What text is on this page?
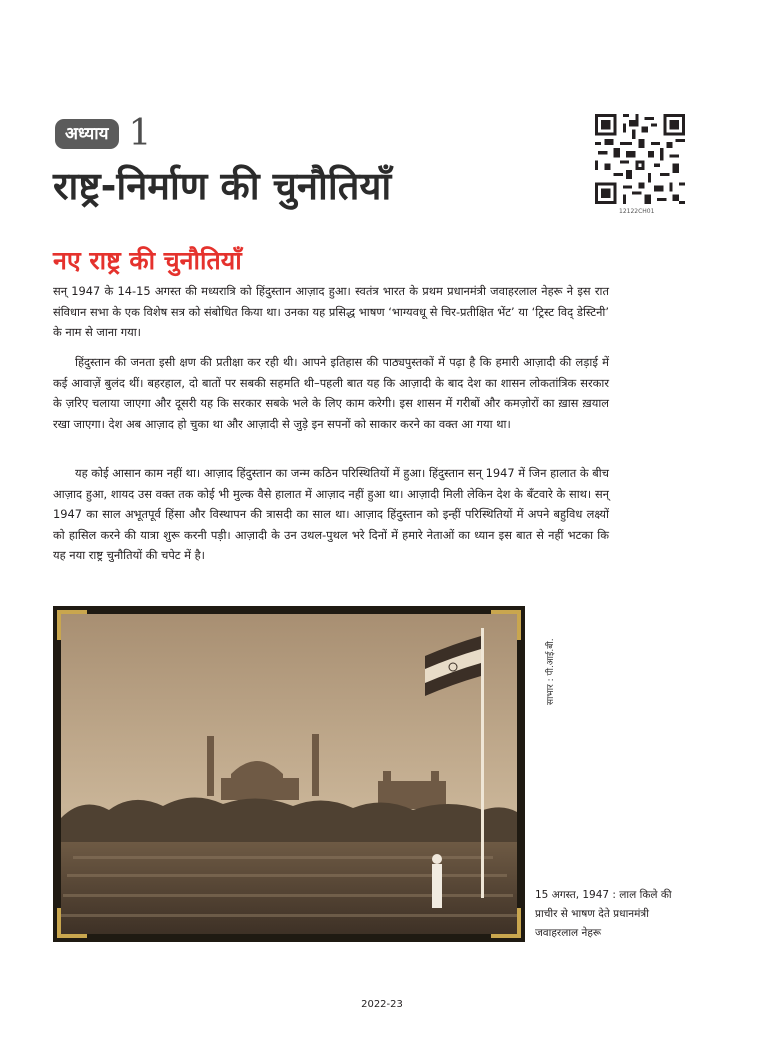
अध्याय 1
राष्ट्र-निर्माण की चुनौतियाँ
12122CH01
नए राष्ट्र की चुनौतियाँ

सन् 1947 के 14-15 अगस्त की मध्यरात्रि को हिंदुस्तान आज़ाद हुआ। स्वतंत्र भारत के प्रथम प्रधानमंत्री जवाहरलाल नेहरू ने इस रात संविधान सभा के एक विशेष सत्र को संबोधित किया था। उनका यह प्रसिद्ध भाषण ‘भाग्यवधू से चिर-प्रतीक्षित भेंट’ या ‘ट्रिस्ट विद् डेस्टिनी’ के नाम से जाना गया।

हिंदुस्तान की जनता इसी क्षण की प्रतीक्षा कर रही थी। आपने इतिहास की पाठ्यपुस्तकों में पढ़ा है कि हमारी आज़ादी की लड़ाई में कई आवाज़ें बुलंद थीं। बहरहाल, दो बातों पर सबकी सहमति थी–पहली बात यह कि आज़ादी के बाद देश का शासन लोकतांत्रिक सरकार के ज़रिए चलाया जाएगा और दूसरी यह कि सरकार सबके भले के लिए काम करेगी। इस शासन में गरीबों और कमज़ोरों का ख़ास ख़याल रखा जाएगा। देश अब आज़ाद हो चुका था और आज़ादी से जुड़े इन सपनों को साकार करने का वक्त आ गया था।

यह कोई आसान काम नहीं था। आज़ाद हिंदुस्तान का जन्म कठिन परिस्थितियों में हुआ। हिंदुस्तान सन् 1947 में जिन हालात के बीच आज़ाद हुआ, शायद उस वक्त तक कोई भी मुल्क वैसे हालात में आज़ाद नहीं हुआ था। आज़ादी मिली लेकिन देश के बँटवारे के साथ। सन् 1947 का साल अभूतपूर्व हिंसा और विस्थापन की त्रासदी का साल था। आज़ाद हिंदुस्तान को इन्हीं परिस्थितियों में अपने बहुविध लक्ष्यों को हासिल करने की यात्रा शुरू करनी पड़ी। आज़ादी के उन उथल-पुथल भरे दिनों में हमारे नेताओं का ध्यान इस बात से नहीं भटका कि यह नया राष्ट्र चुनौतियों की चपेट में है।

साभार : पी.आई.बी.
15 अगस्त, 1947 : लाल किले की प्राचीर से भाषण देते प्रधानमंत्री जवाहरलाल नेहरू
2022-23
